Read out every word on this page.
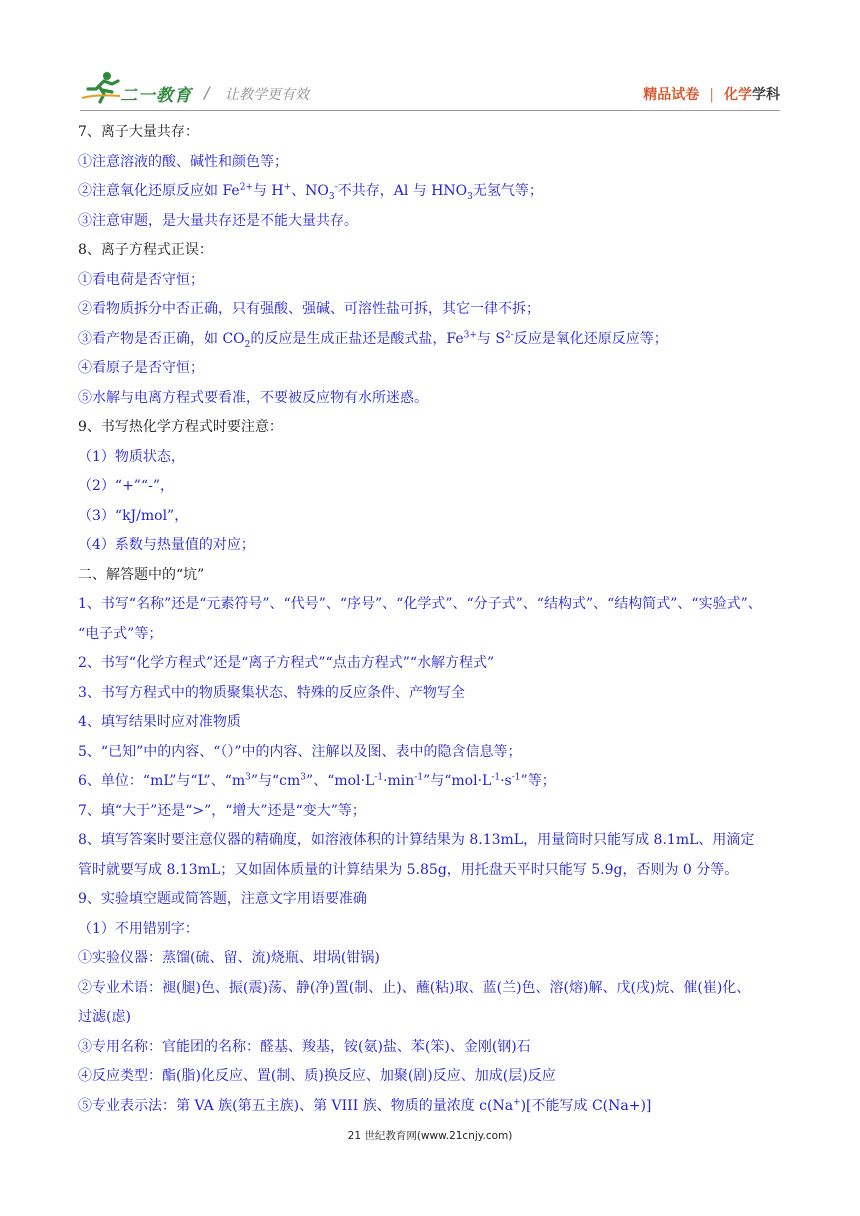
二一教育 / 让教学更有效	精品试卷 | 化学学科
7、离子大量共存：
①注意溶液的酸、碱性和颜色等；
②注意氧化还原反应如 $Fe^{2+}$与 H+、$NO_3^-$不共存，Al 与 $HNO_3$无氢气等；
③注意审题，是大量共存还是不能大量共存。
8、离子方程式正误：
①看电荷是否守恒；
②看物质拆分中否正确，只有强酸、强碱、可溶性盐可拆，其它一律不拆；
③看产物是否正确，如 $CO_2$的反应是生成正盐还是酸式盐，$Fe^{3+}$与 $S^{2-}$反应是氧化还原反应等；
④看原子是否守恒；
⑤水解与电离方程式要看准，不要被反应物有水所迷惑。
9、书写热化学方程式时要注意：
（1）物质状态，
（2）“+”“-”，
（3）“kJ/mol”，
（4）系数与热量值的对应；
二、解答题中的“坑”
1、书写“名称”还是“元素符号”、“代号”、“序号”、“化学式”、“分子式”、“结构式”、“结构简式”、“实验式”、
“电子式”等；
2、书写“化学方程式”还是“离子方程式”“点击方程式”“水解方程式”
3、书写方程式中的物质聚集状态、特殊的反应条件、产物写全
4、填写结果时应对准物质
5、“已知”中的内容、“（）”中的内容、注解以及图、表中的隐含信息等；
6、单位：“mL”与“L”、“$m^3$”与“$cm^3$”、“$mol\cdot L^{-1}\cdot\min^{-1}$”与“$mol\cdot L^{-1}\cdot s^{-1}$”等；
7、填“大于”还是“>”，“增大”还是“变大”等；
8、填写答案时要注意仪器的精确度，如溶液体积的计算结果为 8.13mL，用量筒时只能写成 8.1mL、用滴定
管时就要写成 8.13mL；又如固体质量的计算结果为 5.85g，用托盘天平时只能写 5.9g，否则为 0 分等。
9、实验填空题或简答题，注意文字用语要准确
（1）不用错别字：
①实验仪器：蒸馏(硫、留、流)烧瓶、坩埚(钳锅)
②专业术语：褪(腿)色、振(震)荡、静(净)置(制、止)、蘸(粘)取、蓝(兰)色、溶(熔)解、戊(戌)烷、催(崔)化、
过滤(虑)
③专用名称：官能团的名称：醛基、羧基，铵(氨)盐、苯(笨)、金刚(钢)石
④反应类型：酯(脂)化反应、置(制、质)换反应、加聚(剧)反应、加成(层)反应
⑤专业表示法：第 VA 族(第五主族)、第 VIII 族、物质的量浓度 c(Na+)[不能写成 C(Na+)]
21 世纪教育网(www.21cnjy.com)
